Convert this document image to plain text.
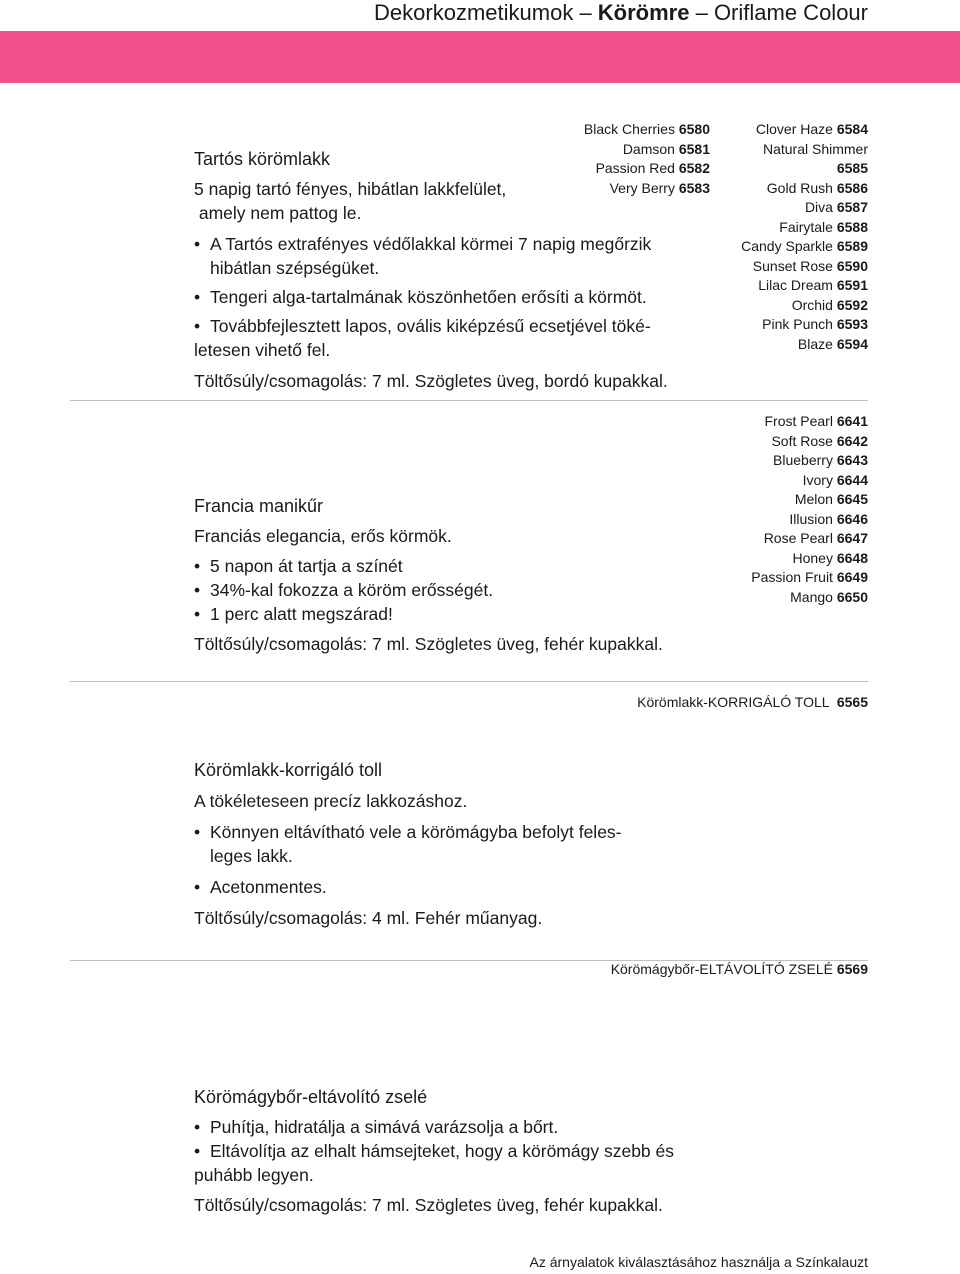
Dekorkozmetikumok – Körömre – Oriflame Colour

Tartós körömlakk

5 napig tartó fényes, hibátlan lakkfelület,

amely nem pattog le.

• A Tartós extrafényes védőlakkal körmei 7 napig megőrzik
hibátlan szépségüket.

• Tengeri alga-tartalmának köszönhetően erősíti a körmöt.

• Továbbfejlesztett lapos, ovális kiképzésű ecsetjével töké-

letesen vihető fel.

Töltősúly/csomagolás: 7 ml. Szögletes üveg, bordó kupakkal.

Black Cherries 6580
Damson 6581
Passion Red 6582
Very Berry 6583
Clover Haze 6584
Natural Shimmer
6585
Gold Rush 6586
Diva 6587
Fairytale 6588
Candy Sparkle 6589
Sunset Rose 6590
Lilac Dream 6591
Orchid 6592
Pink Punch 6593
Blaze 6594
Frost Pearl 6641
Soft Rose 6642
Blueberry 6643
Ivory 6644
Melon 6645
Illusion 6646
Rose Pearl 6647
Honey 6648
Passion Fruit 6649
Mango 6650

Francia manikűr

Franciás elegancia, erős körmök.

• 5 napon át tartja a színét

• 34%-kal fokozza a köröm erősségét.

• 1 perc alatt megszárad!

Töltősúly/csomagolás: 7 ml. Szögletes üveg, fehér kupakkal.

Körömlakk-KORRIGÁLÓ TOLL  6565

Körömlakk-korrigáló toll

A tökéleteseen precíz lakkozáshoz.

• Könnyen eltávítható vele a körömágyba befolyt feles-
leges lakk.

• Acetonmentes.

Töltősúly/csomagolás: 4 ml. Fehér műanyag.

Körömágybőr-ELTÁVOLÍTÓ ZSELÉ 6569

Körömágybőr-eltávolító zselé

• Puhítja, hidratálja a simává varázsolja a bőrt.

• Eltávolítja az elhalt hámsejteket, hogy a körömágy szebb és

puhább legyen.

Töltősúly/csomagolás: 7 ml. Szögletes üveg, fehér kupakkal.

Az árnyalatok kiválasztásához használja a Színkalauzt
